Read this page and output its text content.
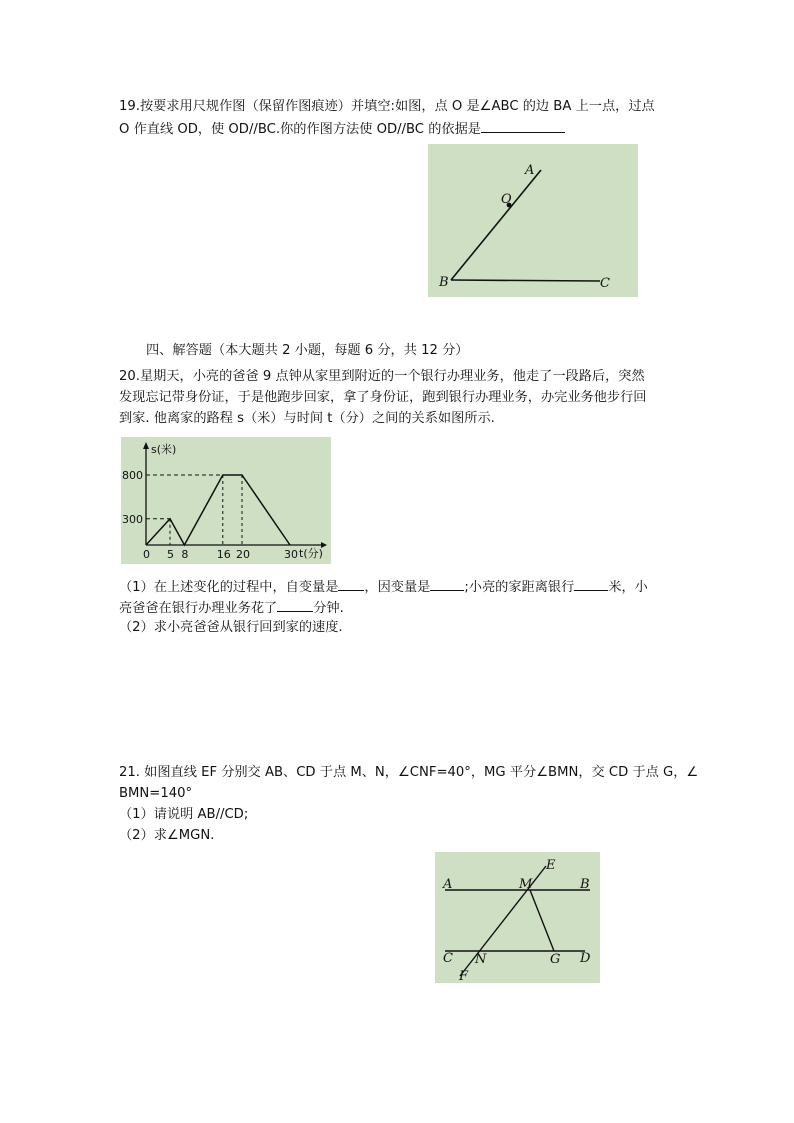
19.按要求用尺规作图（保留作图痕迹）并填空:如图，点 O 是∠ABC 的边 BA 上一点，过点
O 作直线 OD，使 OD//BC.你的作图方法使 OD//BC 的依据是
A
O
B	C
四、解答题（本大题共 2 小题，每题 6 分，共 12 分）
20.星期天，小亮的爸爸 9 点钟从家里到附近的一个银行办理业务，他走了一段路后，突然
发现忘记带身份证，于是他跑步回家，拿了身份证，跑到银行办理业务，办完业务他步行回
到家. 他离家的路程 s（米）与时间 t（分）之间的关系如图所示.
s(米)
t(分)
0 5 8	16 20	30
300
800
（1）在上述变化的过程中，自变量是 ，因变量是	;小亮的家距离银行	米，小
亮爸爸在银行办理业务花了	分钟.
（2）求小亮爸爸从银行回到家的速度.
21. 如图直线 EF 分别交 AB、CD 于点 M、N，∠CNF=40°，MG 平分∠BMN，交 CD 于点 G，∠
BMN=140°
（1）请说明 AB//CD;
（2）求∠MGN.
A	M
E
B
C N	G D
F
